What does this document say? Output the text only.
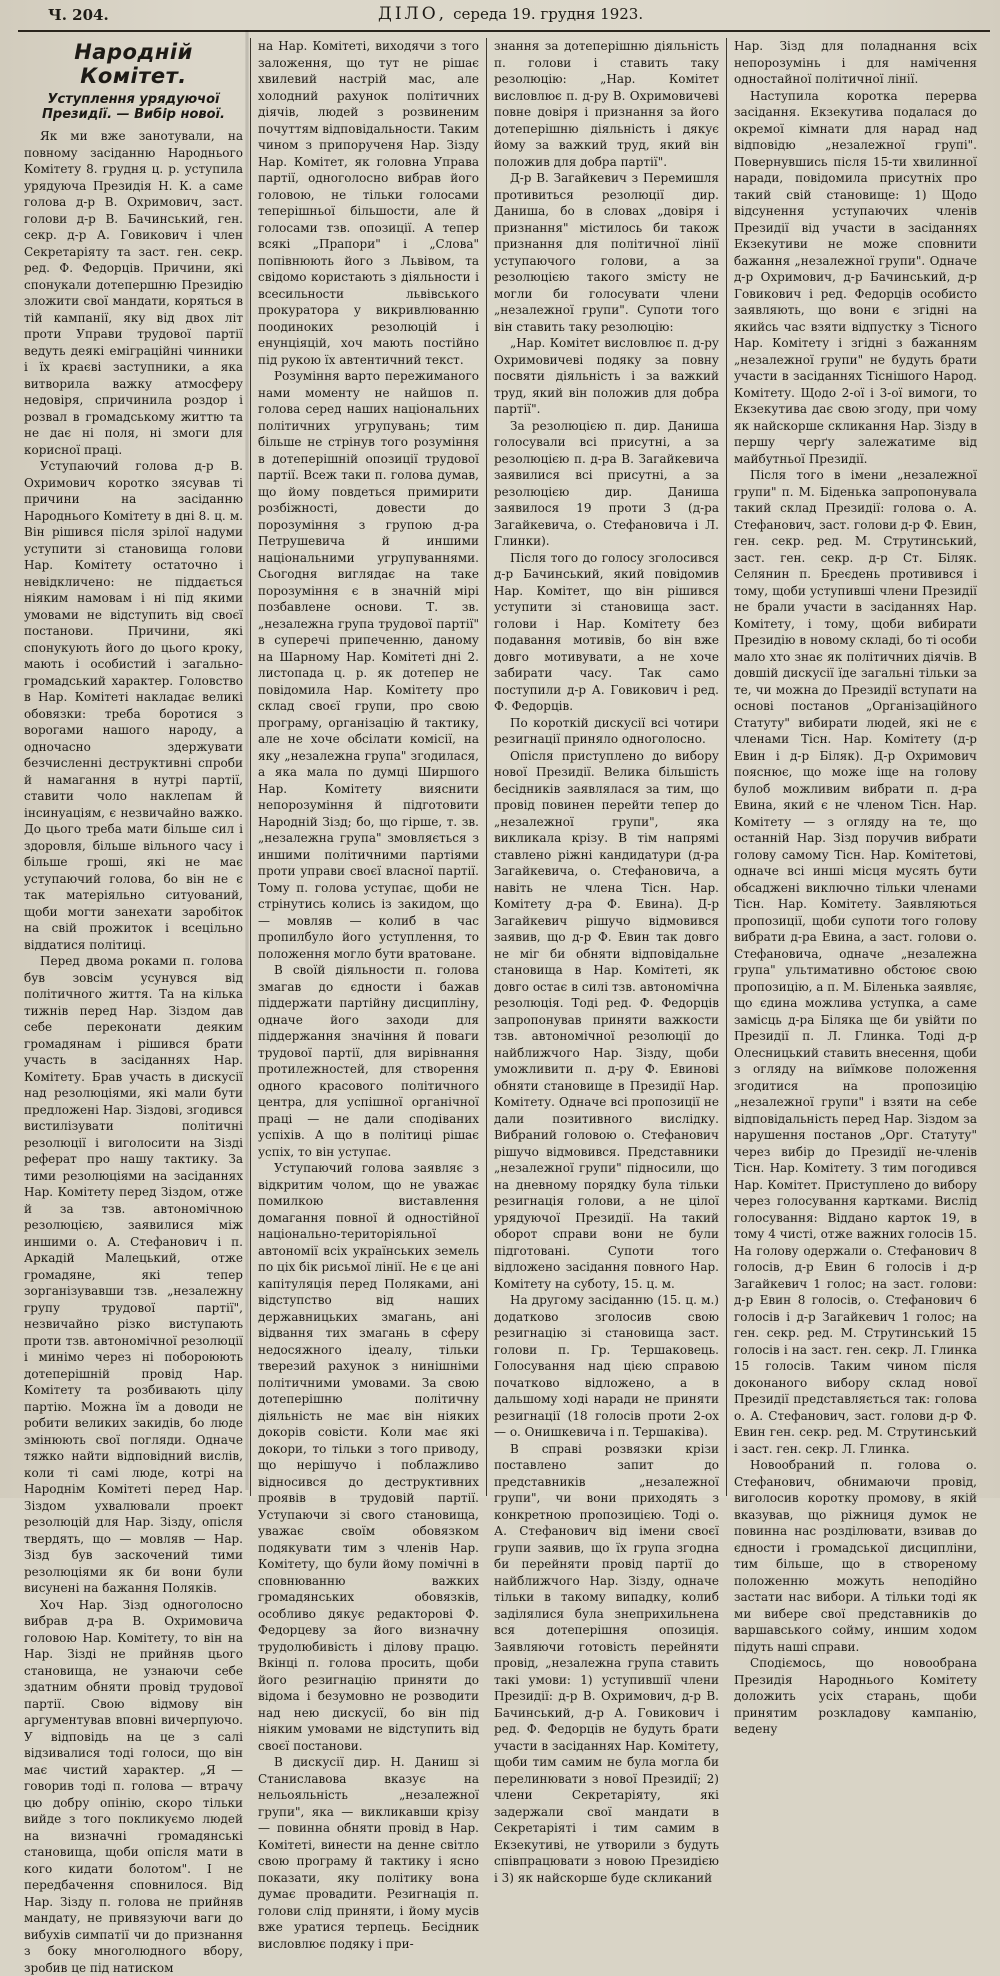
Ч. 204.	ДІЛО, середа 19. грудня 1923.
Народній Комітет.
Уступлення урядуючої Президії. — Вибір нової.

Як ми вже занотували, на повному засіданню Народнього Комітету 8. грудня ц. р. уступила урядуюча Президія Н. К. а саме голова д-р В. Охримович, заст. голови д-р В. Бачинський, ген. секр. д-р А. Говикович і член Секретаріяту та заст. ген. секр. ред. Ф. Федорців. Причини, які спонукали дотепершню Президію зложити свої мандати, коряться в тій кампанії, яку від двох літ проти Управи трудової партії ведуть деякі еміграційні чинники і їх краєві заступники, а яка витворила важку атмосферу недовіря, спричинила роздор і розвал в громадському життю та не дає ні поля, ні змоги для корисної праці.

Уступаючий голова д-р В. Охримович коротко зясував ті причини на засіданню Народнього Комітету в дні 8. ц. м. Він рішився після зрілої надуми уступити зі становища голови Нар. Комітету остаточно і невідкличено: не піддається ніяким намовам і ні під якими умовами не відступить від своєї постанови. Причини, які спонукують його до цього кроку, мають і особистий і загально-громадський характер. Головство в Нар. Комітеті накладає великі обовязки: треба боротися з ворогами нашого народу, а одночасно здержувати безчисленні деструктивні спроби й намагання в нутрі партії, ставити чоло наклепам й інсинуаціям, є незвичайно важко. До цього треба мати більше сил і здоровля, більше вільного часу і більше гроші, які не має уступаючий голова, бо він не є так матеріяльно ситуований, щоби могти занехати заробіток на свій прожиток і всецільно віддатися політиці.

Перед двома роками п. голова був зовсім усунувся від політичного життя. Та на кілька тижнів перед Нар. Зіздом дав себе переконати деяким громадянам і рішився брати участь в засіданнях Нар. Комітету. Брав участь в дискусії над резолюціями, які мали бути предложені Нар. Зіздові, згодився вистилізувати політичні резолюції і виголосити на Зізді реферат про нашу тактику. За тими резолюціями на засіданнях Нар. Комітету перед Зіздом, отже й за тзв. автономічною резолюцією, заявилися між иншими о. А. Стефанович і п. Аркадій Малецький, отже громадяне, які тепер зорганізувавши тзв. „незалежну групу трудової партії", незвичайно різко виступають проти тзв. автономічної резолюції і минімо через ні побороюють дотеперішній провід Нар. Комітету та розбивають цілу партію. Можна їм а доводи не робити великих закидів, бо люде змінюють свої погляди. Одначе тяжко найти відповідний вислів, коли ті самі люде, котрі на Народнім Комітеті перед Нар. Зіздом ухвалювали проект резолюцій для Нар. Зізду, опісля твердять, що — мовляв — Нар. Зізд був заскочений тими резолюціями як би вони були висунені на бажання Поляків.

Хоч Нар. Зізд одноголосно вибрав д-ра В. Охримовича головою Нар. Комітету, то він на Нар. Зізді не прийняв цього становища, не узнаючи себе здатним обняти провід трудової партії. Свою відмову він аргументував вповні вичерпуючо. У відповідь на це з салі відзивалися тоді голоси, що він має чистий характер. „Я — говорив тоді п. голова — втрачу цю добру опінію, скоро тільки вийде з того покликуємо людей на визначні громадянські становища, щоби опісля мати в кого кидати болотом". І не передбачення сповнилося. Від Нар. Зізду п. голова не прийняв мандату, не привязуючи ваги до вибухів симпатії чи до признання з боку многолюдного вбору, зробив це під натиском

на Нар. Комітеті, виходячи з того заложення, що тут не рішає хвилевий настрій мас, але холодний рахунок політичних діячів, людей з розвиненим почуттям відповідальности. Таким чином з припорученя Нар. Зізду Нар. Комітет, як головна Управа партії, одноголосно вибрав його головою, не тільки голосами теперішньої більшости, але й голосами тзв. опозиції. А тепер всякі „Прапори" і „Слова" попівнюють його з Львівом, та свідомо користають з діяльности і всесильности львівського прокуратора у викривлюванню поодиноких резолюцій і енунціяцій, хоч мають постійно під рукою їх автентичний текст.

Розуміння варто пережиманого нами моменту не найшов п. голова серед наших національних політичних угрупувань; тим більше не стрінув того розуміння в дотеперішній опозиції трудової партії. Всеж таки п. голова думав, що йому повдеться примирити розбіжності, довести до порозуміння з групою д-ра Петрушевича й иншими національними угрупуваннями. Сьогодня виглядає на таке порозуміння є в значній мірі позбавлене основи. Т. зв. „незалежна група трудової партії" в суперечі припеченню, даному на Шарному Нар. Комітеті дні 2. листопада ц. р. як дотепер не повідомила Нар. Комітету про склад своєї групи, про свою програму, організацію й тактику, але не хоче обсілати комісії, на яку „незалежна група" згодилася, а яка мала по думці Ширшого Нар. Комітету вияснити непорозуміння й підготовити Народній Зізд; бо, що гірше, т. зв. „незалежна група" змовляється з иншими політичними партіями проти управи своєї власної партії. Тому п. голова уступає, щоби не стрінутись колись із закидом, що — мовляв — колиб в час пропилбуло його уступлення, то положення могло бути вратоване.

В своїй діяльности п. голова змагав до єдности і бажав піддержати партійну дисципліну, одначе його заходи для піддержання значіння й поваги трудової партії, для вирівнання протилежностей, для створення одного красового політичного центра, для успішної органічної праці — не дали сподіваних успіхів. А що в політиці рішає успіх, то він уступає.

Уступаючий голова заявляє з відкритим чолом, що не уважає помилкою виставлення домагання повної й одностійної національно-територіяльної автономії всіх українських земель по ціх бік рисьмої лінії. Не є це ані капітуляція перед Поляками, ані відступство від наших державницьких змагань, ані відвання тих змагань в сферу недосяжного ідеалу, тільки тверезий рахунок з нинішніми політичними умовами. За свою дотеперішню політичну діяльність не має він ніяких докорів совісти. Коли має які докори, то тільки з того приводу, що нерішучо і поблажливо відносився до деструктивних проявів в трудовій партії. Уступаючи зі свого становища, уважає своїм обовязком подякувати тим з членів Нар. Комітету, що були йому помічні в сповнюванню важких громадянських обовязків, особливо дякує редакторові Ф. Федорцеву за його визначну трудолюбивість і ділову працю. Вкінці п. голова просить, щоби його резигнацію приняти до відома і безумовно не розводити над нею дискусії, бо він під ніяким умовами не відступить від своєї постанови.

В дискусії дир. Н. Даниш зі Станиславова вказує на нельояльність „незалежної групи", яка — викликавши крізу — повинна обняти провід в Нар. Комітеті, винести на денне світло свою програму й тактику і ясно показати, яку політику вона думає провадити. Резигнація п. голови слід приняти, і йому мусів вже уратися терпець. Бесідник висловлює подяку і при-

знання за дотеперішню діяльність п. голови і ставить таку резолюцію: „Нар. Комітет висловлює п. д-ру В. Охримовичеві повне довіря і признання за його дотеперішню діяльність і дякує йому за важкий труд, який він положив для добра партії".

Д-р В. Загайкевич з Перемишля противиться резолюції дир. Даниша, бо в словах „довіря і признання" містилось би також признання для політичної лінії уступаючого голови, а за резолюцією такого змісту не могли би голосувати члени „незалежної групи". Супоти того він ставить таку резолюцію:

„Нар. Комітет висловлює п. д-ру Охримовичеві подяку за повну посвяти діяльність і за важкий труд, який він положив для добра партії".

За резолюцією п. дир. Даниша голосували всі присутні, а за резолюцією п. д-ра В. Загайкевича заявилися всі присутні, а за резолюцією дир. Даниша заявилося 19 проти 3 (д-ра Загайкевича, о. Стефановича і Л. Глинки).

Після того до голосу зголосився д-р Бачинський, який повідомив Нар. Комітет, що він рішився уступити зі становища заст. голови і Нар. Комітету без подавання мотивів, бо він вже довго мотивувати, а не хоче забирати часу. Так само поступили д-р А. Говикович і ред. Ф. Федорців.

По короткій дискусії всі чотири резигнації приняло одноголосно.

Опісля приступлено до вибору нової Президії. Велика більшість бесідників заявлялася за тим, що провід повинен перейти тепер до „незалежної групи", яка викликала крізу. В тім напрямі ставлено ріжні кандидатури (д-ра Загайкевича, о. Стефановича, а навіть не члена Тісн. Нар. Комітету д-ра Ф. Евина). Д-р Загайкевич рішучо відмовився заявив, що д-р Ф. Евин так довго не міг би обняти відповідальне становища в Нар. Комітеті, як довго остає в силі тзв. автономічна резолюція. Тоді ред. Ф. Федорців запропонував приняти важкости тзв. автономічної резолюції до найближчого Нар. Зізду, щоби уможливити п. д-ру Ф. Евинові обняти становище в Президії Нар. Комітету. Одначе всі пропозиції не дали позитивного вислідку. Вибраний головою о. Стефанович рішучо відмовився. Представники „незалежної групи" підносили, що на дневному порядку була тільки резигнація голови, а не цілої урядуючої Президії. На такий оборот справи вони не були підготовані. Супоти того відложено засідання повного Нар. Комітету на суботу, 15. ц. м.

На другому засіданню (15. ц. м.) додатково зголосив свою резигнацію зі становища заст. голови п. Гр. Тершаковець. Голосування над цією справою початково відложено, а в дальшому ході наради не приняти резигнації (18 голосів проти 2-ох — о. Онишкевича і п. Тершаківа).

В справі розвязки крізи поставлено запит до представників „незалежної групи", чи вони приходять з конкретною пропозицією. Тоді о. А. Стефанович від імени своєї групи заявив, що їх група згодна би перейняти провід партії до найближчого Нар. Зізду, одначе тільки в такому випадку, колиб заділялися була знеприхильнена вся дотеперішня опозиція. Заявляючи готовість перейняти провід, „незалежна група ставить такі умови: 1) уступившії члени Президії: д-р В. Охримович, д-р В. Бачинський, д-р А. Говикович і ред. Ф. Федорців не будуть брати участи в засіданнях Нар. Комітету, щоби тим самим не була могла би перелинювати з нової Президії; 2) члени Секретаріяту, які задержали свої мандати в Секретаріяті і тим самим в Екзекутиві, не утворили з будуть співпрацювати з новою Президією і 3) як найскорше буде скликаний

Нар. Зізд для поладнання всіх непорозумінь і для намічення одностайної політичної лінії.

Наступила коротка перерва засідання. Екзекутива подалася до окремої кімнати для нарад над відповідю „незалежної групі". Повернувшись після 15-ти хвилинної наради, повідомила присутніх про такий свій становище: 1) Щодо відсунення уступаючих членів Президії від участи в засіданнях Екзекутиви не може сповнити бажання „незалежної групи". Одначе д-р Охримович, д-р Бачинський, д-р Говикович і ред. Федорців особисто заявляють, що вони є згідні на якийсь час взяти відпустку з Тісного Нар. Комітету і згідні з бажанням „незалежної групи" не будуть брати участи в засіданнях Тіснішого Народ. Комітету. Щодо 2-ої і 3-ої вимоги, то Екзекутива дає свою згоду, при чому як найскорше скликання Нар. Зізду в першу черґу залежатиме від майбутньої Президії.

Після того в імени „незалежної групи" п. М. Біденька запропонувала такий склад Президії: голова о. А. Стефанович, заст. голови д-р Ф. Евин, ген. секр. ред. М. Струтинський, заст. ген. секр. д-р Ст. Біляк. Селянин п. Бреєдень противився і тому, щоби уступивші члени Президії не брали участи в засіданнях Нар. Комітету, і тому, щоби вибирати Президію в новому складі, бо ті особи мало хто знає як політичних діячів. В довшій дискусії їде загальні тільки за те, чи можна до Президії вступати на основі постанов „Організаційного Статуту" вибирати людей, які не є членами Тісн. Нар. Комітету (д-р Евин і д-р Біляк). Д-р Охримович пояснює, що може іще на голову булоб можливим вибрати п. д-ра Евина, який є не членом Тісн. Нар. Комітету — з огляду на те, що останній Нар. Зізд поручив вибрати голову самому Тісн. Нар. Комітетові, одначе всі инші місця мусять бути обсаджені виключно тільки членами Тісн. Нар. Комітету. Заявляються пропозиції, щоби супоти того голову вибрати д-ра Евина, а заст. голови о. Стефановича, одначе „незалежна група" ультимативно обстоює свою пропозицію, а п. М. Біленька заявляє, що єдина можлива уступка, а саме замісць д-ра Біляка ще би увійти по Президії п. Л. Глинка. Тоді д-р Олесницький ставить внесення, щоби з огляду на виїмкове положення згодитися на пропозицію „незалежної групи" і взяти на себе відповідальність перед Нар. Зіздом за нарушення постанов „Орг. Статуту" через вибір до Президії не-членів Тісн. Нар. Комітету. З тим погодився Нар. Комітет. Приступлено до вибору через голосування картками. Вислід голосування: Віддано карток 19, в тому 4 чисті, отже важних голосів 15. На голову одержали о. Стефанович 8 голосів, д-р Евин 6 голосів і д-р Загайкевич 1 голос; на заст. голови: д-р Евин 8 голосів, о. Стефанович 6 голосів і д-р Загайкевич 1 голос; на ген. секр. ред. М. Струтинський 15 голосів і на заст. ген. секр. Л. Глинка 15 голосів. Таким чином після доконаного вибору склад нової Президії представляється так: голова о. А. Стефанович, заст. голови д-р Ф. Евин ген. секр. ред. М. Струтинський і заст. ген. секр. Л. Глинка.

Новообраний п. голова о. Стефанович, обнимаючи провід, виголосив коротку промову, в якій вказував, що ріжниця думок не повинна нас розділювати, взивав до єдности і громадської дисципліни, тим більше, що в створеному положенню можуть неподійно застати нас вибори. А тільки тоді як ми вибере свої представників до варшавського сойму, иншим ходом підуть наші справи.

Сподіємось, що новообрана Президія Народнього Комітету доложить усіх старань, щоби принятим розкладову кампанію, ведену
